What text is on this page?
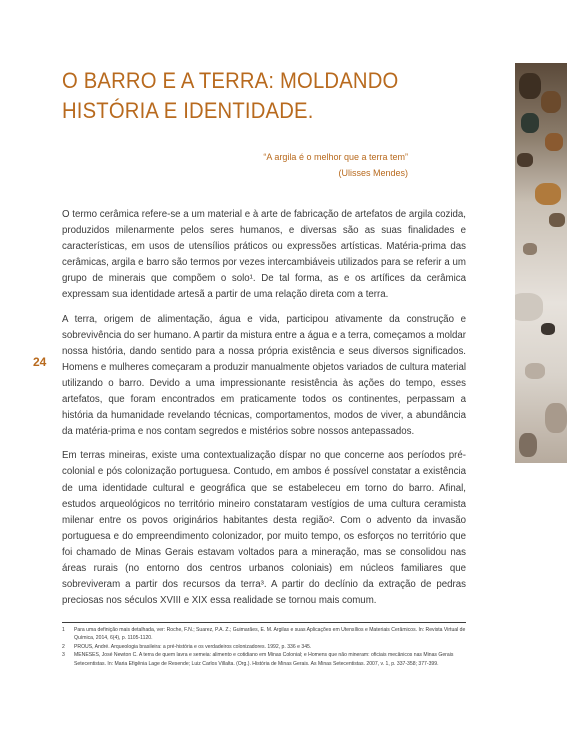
O BARRO E A TERRA: MOLDANDO
HISTÓRIA E IDENTIDADE.
“A argila é o melhor que a terra tem”
(Ulisses Mendes)
24

O termo cerâmica refere-se a um material e à arte de fabricação de artefatos de argila cozida, produzidos milenarmente pelos seres humanos, e diversas são as suas finalidades e características, em usos de utensílios práticos ou expressões artísticas. Matéria-prima das cerâmicas, argila e barro são termos por vezes intercambiáveis utilizados para se referir a um grupo de minerais que compõem o solo¹. De tal forma, as e os artífices da cerâmica expressam sua identidade artesã a partir de uma relação direta com a terra.

A terra, origem de alimentação, água e vida, participou ativamente da construção e sobrevivência do ser humano. A partir da mistura entre a água e a terra, começamos a moldar nossa história, dando sentido para a nossa própria existência e seus diversos significados. Homens e mulheres começaram a produzir manualmente objetos variados de cultura material utilizando o barro. Devido a uma impressionante resistência às ações do tempo, esses artefatos, que foram encontrados em praticamente todos os continentes, perpassam a história da humanidade revelando técnicas, comportamentos, modos de viver, a abundância da matéria-prima e nos contam segredos e mistérios sobre nossos antepassados.

Em terras mineiras, existe uma contextualização díspar no que concerne aos períodos pré-colonial e pós colonização portuguesa. Contudo, em ambos é possível constatar a existência de uma identidade cultural e geográfica que se estabeleceu em torno do barro. Afinal, estudos arqueológicos no território mineiro constataram vestígios de uma cultura ceramista milenar entre os povos originários habitantes desta região². Com o advento da invasão portuguesa e do empreendimento colonizador, por muito tempo, os esforços no território que foi chamado de Minas Gerais estavam voltados para a mineração, mas se consolidou nas áreas rurais (no entorno dos centros urbanos coloniais) em núcleos familiares que sobreviveram a partir dos recursos da terra³. A partir do declínio da extração de pedras preciosas nos séculos XVIII e XIX essa realidade se tornou mais comum.

1	Para uma definição mais detalhada, ver: Roche, F.N.; Suarez, P.A. Z.; Guimarães, E. M. Argilas e suas Aplicações em Utensílios e Materiais Cerâmicos. In: Revista Virtual de Química, 2014, 6(4), p. 1105-1120.
2	PROUS, André. Arqueologia brasileira: a pré-história e os verdadeiros colonizadores. 1992, p. 336 e 345.
3	MENESES, José Newton C. A terra de quem lavra e semeia: alimento e cotidiano em Minas Colonial; e Homens que não mineram: oficiais mecânicos nas Minas Gerais Setecentistas. In: Maria Efigênia Lage de Resende; Luiz Carlos Villalta. (Org.). História de Minas Gerais. As Minas Setecentistas. 2007, v. 1, p. 337-358; 377-399.
